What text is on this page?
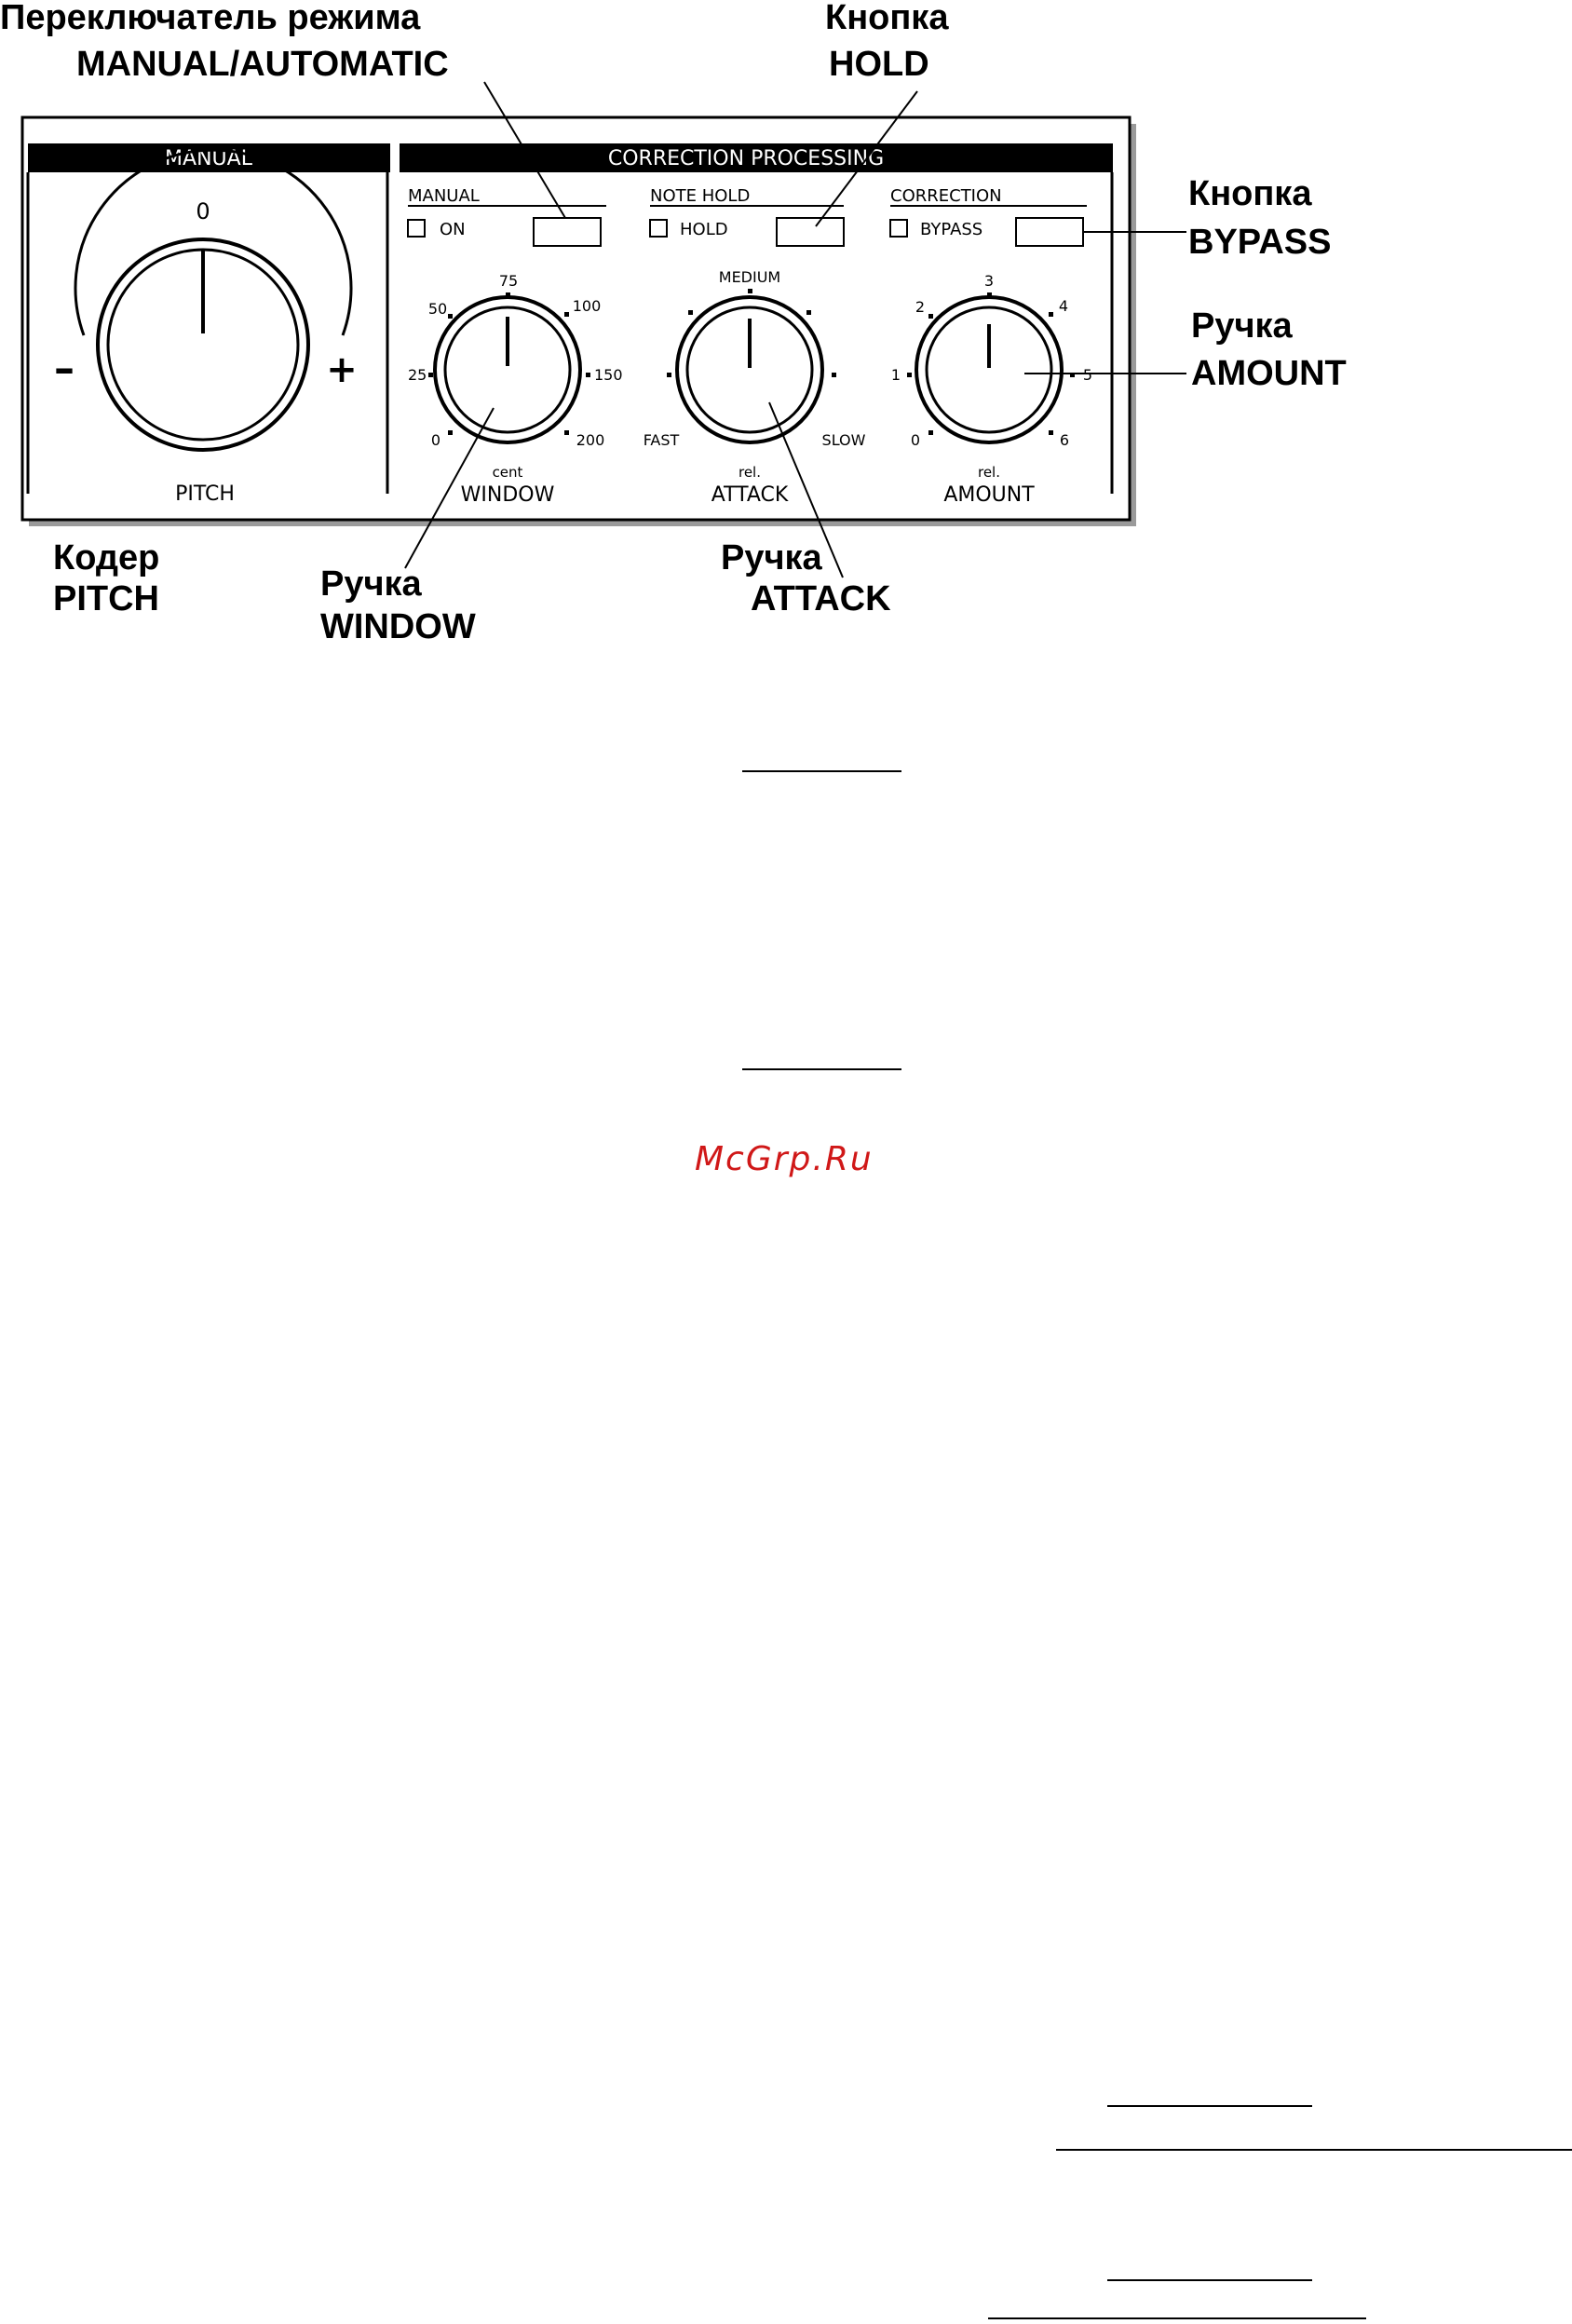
MANUAL
0
–	+
PITCH
CORRECTION PROCESSING
MANUAL
ON
NOTE HOLD
HOLD
CORRECTION
BYPASS
0
25
50
75
100
150
200
cent
WINDOW
MEDIUM
FAST	SLOW
rel.
ATTACK
0
1
2
3
4
5
6
rel.
AMOUNT
Переключатель режима
MANUAL/AUTOMATIC
Кнопка
HOLD
Кнопка
BYPASS
Ручка
AMOUNT
Кодер
PITCH	Ручка
WINDOW
Ручка
ATTACK
McGrp.Ru
